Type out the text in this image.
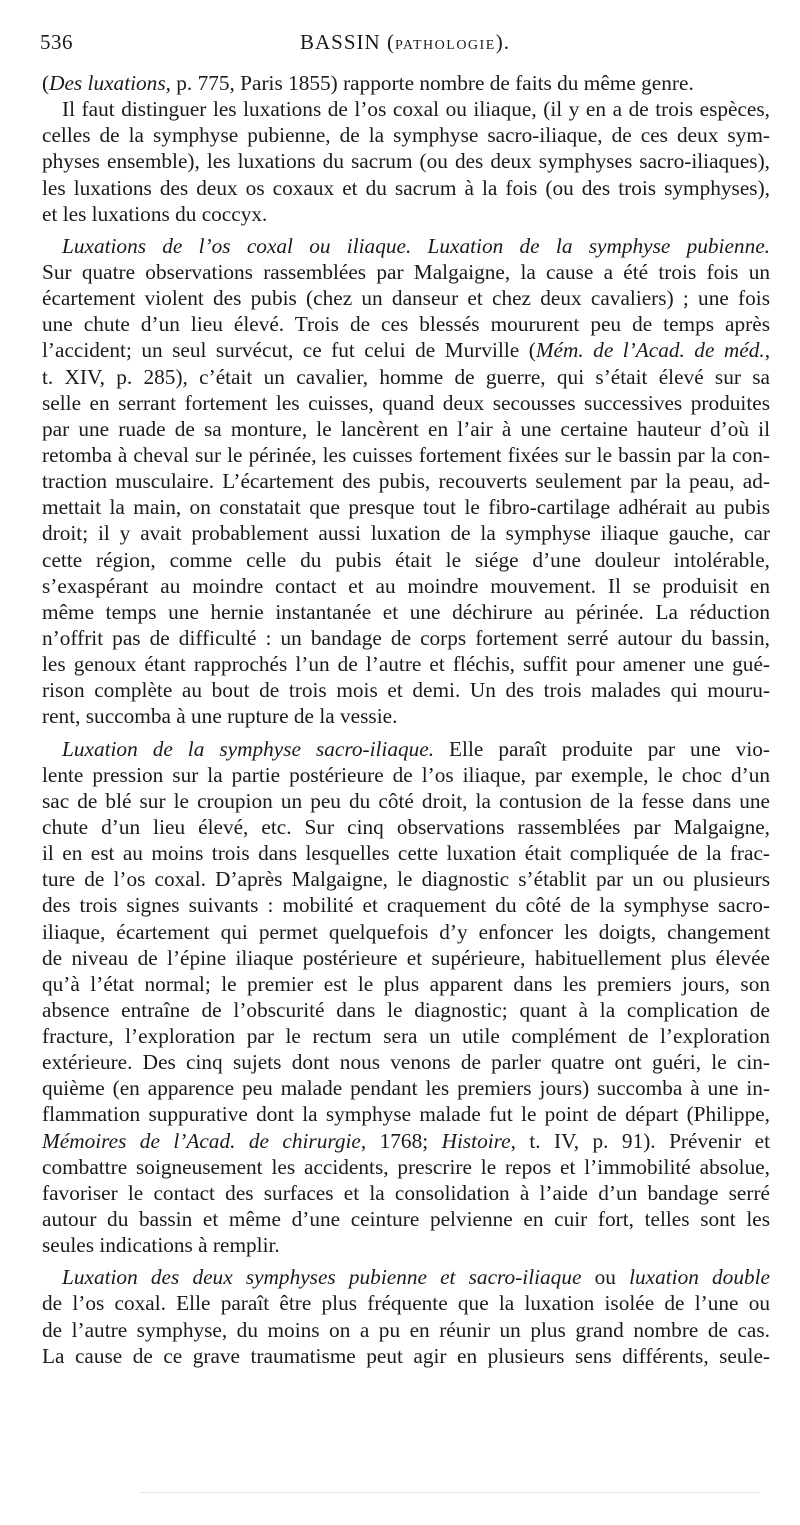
536	BASSIN (PATHOLOGIE).
(Des luxations, p. 775, Paris 1855) rapporte nombre de faits du même genre.
Il faut distinguer les luxations de l’os coxal ou iliaque, (il y en a de trois espèces,
celles de la symphyse pubienne, de la symphyse sacro-iliaque, de ces deux sym-
physes ensemble), les luxations du sacrum (ou des deux symphyses sacro-iliaques),
les luxations des deux os coxaux et du sacrum à la fois (ou des trois symphyses),
et les luxations du coccyx.
Luxations de l’os coxal ou iliaque. Luxation de la symphyse pubienne.
Sur quatre observations rassemblées par Malgaigne, la cause a été trois fois un
écartement violent des pubis (chez un danseur et chez deux cavaliers) ; une fois
une chute d’un lieu élevé. Trois de ces blessés moururent peu de temps après
l’accident; un seul survécut, ce fut celui de Murville (Mém. de l’Acad. de méd.,
t. XIV, p. 285), c’était un cavalier, homme de guerre, qui s’était élevé sur sa
selle en serrant fortement les cuisses, quand deux secousses successives produites
par une ruade de sa monture, le lancèrent en l’air à une certaine hauteur d’où il
retomba à cheval sur le périnée, les cuisses fortement fixées sur le bassin par la con-
traction musculaire. L’écartement des pubis, recouverts seulement par la peau, ad-
mettait la main, on constatait que presque tout le fibro-cartilage adhérait au pubis
droit; il y avait probablement aussi luxation de la symphyse iliaque gauche, car
cette région, comme celle du pubis était le siége d’une douleur intolérable,
s’exaspérant au moindre contact et au moindre mouvement. Il se produisit en
même temps une hernie instantanée et une déchirure au périnée. La réduction
n’offrit pas de difficulté : un bandage de corps fortement serré autour du bassin,
les genoux étant rapprochés l’un de l’autre et fléchis, suffit pour amener une gué-
rison complète au bout de trois mois et demi. Un des trois malades qui mouru-
rent, succomba à une rupture de la vessie.
Luxation de la symphyse sacro-iliaque. Elle paraît produite par une vio-
lente pression sur la partie postérieure de l’os iliaque, par exemple, le choc d’un
sac de blé sur le croupion un peu du côté droit, la contusion de la fesse dans une
chute d’un lieu élevé, etc. Sur cinq observations rassemblées par Malgaigne,
il en est au moins trois dans lesquelles cette luxation était compliquée de la frac-
ture de l’os coxal. D’après Malgaigne, le diagnostic s’établit par un ou plusieurs
des trois signes suivants : mobilité et craquement du côté de la symphyse sacro-
iliaque, écartement qui permet quelquefois d’y enfoncer les doigts, changement
de niveau de l’épine iliaque postérieure et supérieure, habituellement plus élevée
qu’à l’état normal; le premier est le plus apparent dans les premiers jours, son
absence entraîne de l’obscurité dans le diagnostic; quant à la complication de
fracture, l’exploration par le rectum sera un utile complément de l’exploration
extérieure. Des cinq sujets dont nous venons de parler quatre ont guéri, le cin-
quième (en apparence peu malade pendant les premiers jours) succomba à une in-
flammation suppurative dont la symphyse malade fut le point de départ (Philippe,
Mémoires de l’Acad. de chirurgie, 1768; Histoire, t. IV, p. 91). Prévenir et
combattre soigneusement les accidents, prescrire le repos et l’immobilité absolue,
favoriser le contact des surfaces et la consolidation à l’aide d’un bandage serré
autour du bassin et même d’une ceinture pelvienne en cuir fort, telles sont les
seules indications à remplir.
Luxation des deux symphyses pubienne et sacro-iliaque ou luxation double
de l’os coxal. Elle paraît être plus fréquente que la luxation isolée de l’une ou
de l’autre symphyse, du moins on a pu en réunir un plus grand nombre de cas.
La cause de ce grave traumatisme peut agir en plusieurs sens différents, seule-
